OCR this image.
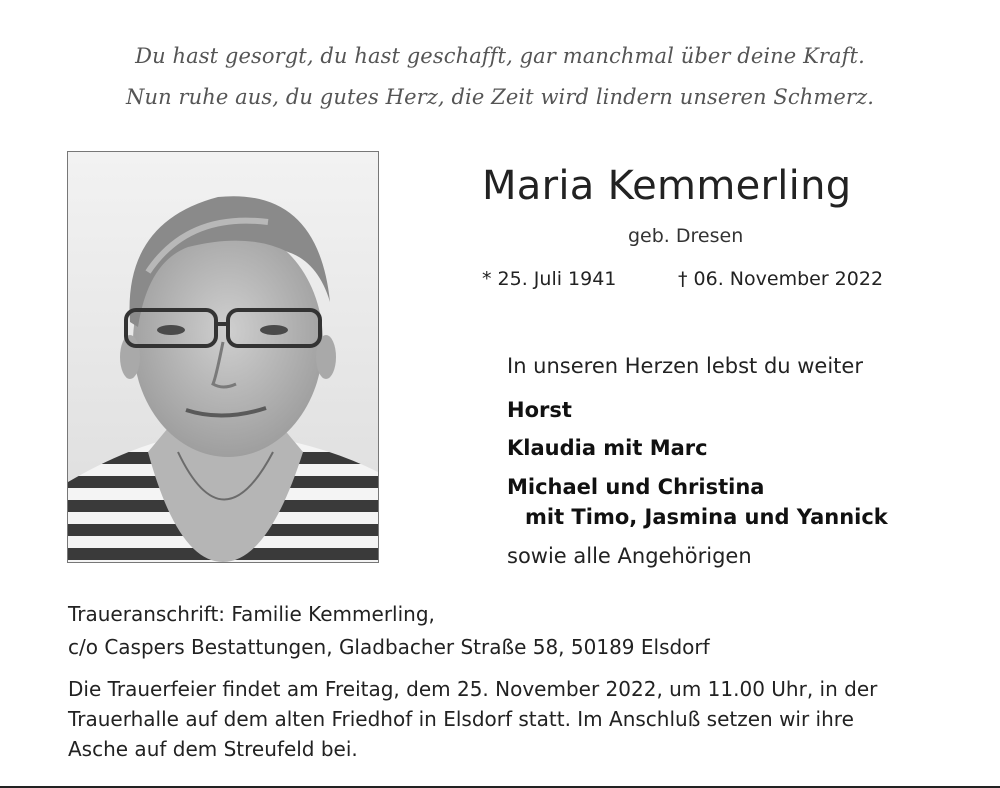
Du hast gesorgt, du hast geschafft, gar manchmal über deine Kraft.
Nun ruhe aus, du gutes Herz, die Zeit wird lindern unseren Schmerz.
Maria Kemmerling
geb. Dresen
* 25. Juli 1941	† 06. November 2022
In unseren Herzen lebst du weiter
Horst
Klaudia mit Marc
Michael und Christina
mit Timo, Jasmina und Yannick
sowie alle Angehörigen
Traueranschrift: Familie Kemmerling,
c/o Caspers Bestattungen, Gladbacher Straße 58, 50189 Elsdorf
Die Trauerfeier findet am Freitag, dem 25. November 2022, um 11.00 Uhr, in der
Trauerhalle auf dem alten Friedhof in Elsdorf statt. Im Anschluß setzen wir ihre
Asche auf dem Streufeld bei.
